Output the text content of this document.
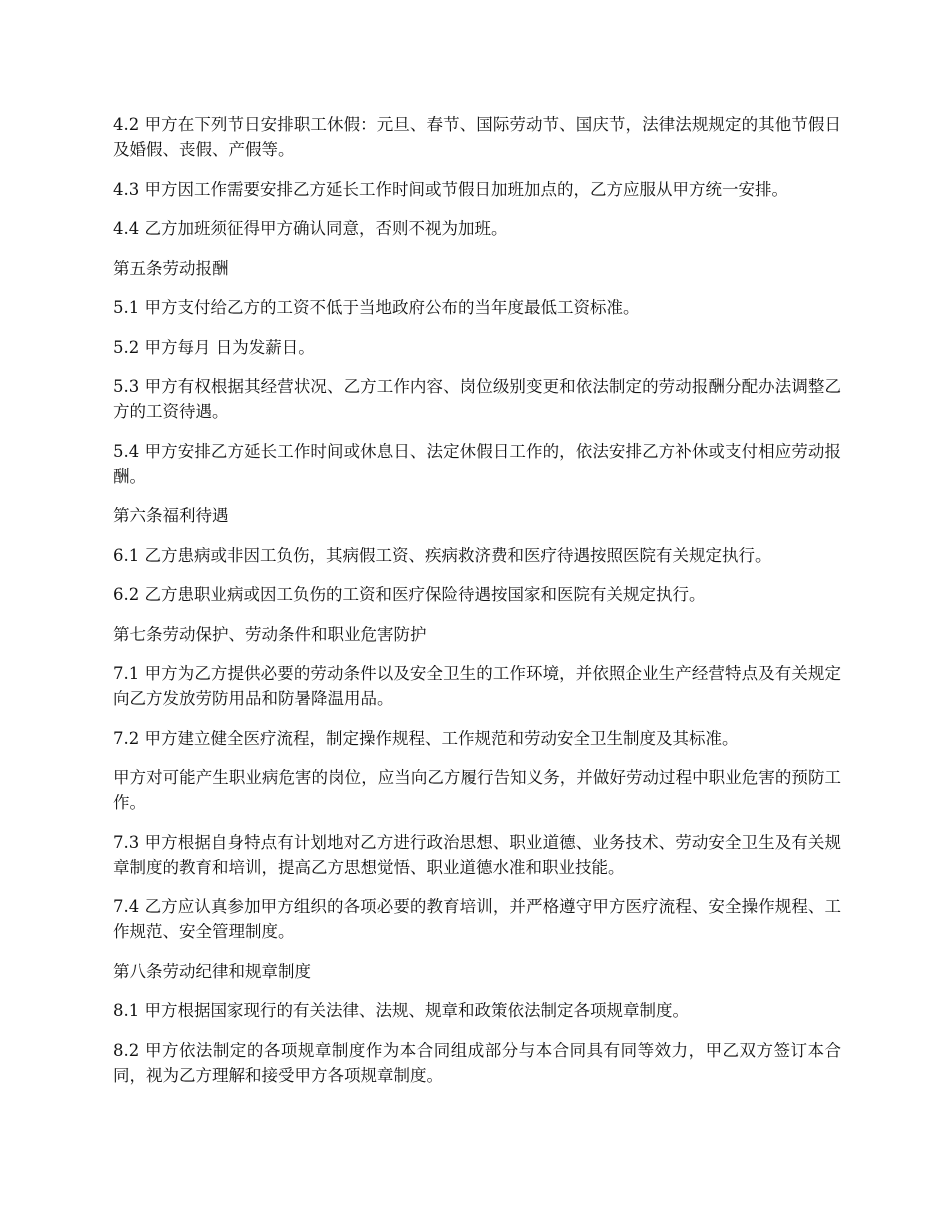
4.2 甲方在下列节日安排职工休假：元旦、春节、国际劳动节、国庆节，法律法规规定的其他节假日及婚假、丧假、产假等。

4.3 甲方因工作需要安排乙方延长工作时间或节假日加班加点的，乙方应服从甲方统一安排。

4.4 乙方加班须征得甲方确认同意，否则不视为加班。

第五条劳动报酬

5.1 甲方支付给乙方的工资不低于当地政府公布的当年度最低工资标准。

5.2 甲方每月 日为发薪日。

5.3 甲方有权根据其经营状况、乙方工作内容、岗位级别变更和依法制定的劳动报酬分配办法调整乙方的工资待遇。

5.4 甲方安排乙方延长工作时间或休息日、法定休假日工作的，依法安排乙方补休或支付相应劳动报酬。

第六条福利待遇

6.1 乙方患病或非因工负伤，其病假工资、疾病救济费和医疗待遇按照医院有关规定执行。

6.2 乙方患职业病或因工负伤的工资和医疗保险待遇按国家和医院有关规定执行。

第七条劳动保护、劳动条件和职业危害防护

7.1 甲方为乙方提供必要的劳动条件以及安全卫生的工作环境，并依照企业生产经营特点及有关规定向乙方发放劳防用品和防暑降温用品。

7.2 甲方建立健全医疗流程，制定操作规程、工作规范和劳动安全卫生制度及其标准。

甲方对可能产生职业病危害的岗位，应当向乙方履行告知义务，并做好劳动过程中职业危害的预防工作。

7.3 甲方根据自身特点有计划地对乙方进行政治思想、职业道德、业务技术、劳动安全卫生及有关规章制度的教育和培训，提高乙方思想觉悟、职业道德水准和职业技能。

7.4 乙方应认真参加甲方组织的各项必要的教育培训，并严格遵守甲方医疗流程、安全操作规程、工作规范、安全管理制度。

第八条劳动纪律和规章制度

8.1 甲方根据国家现行的有关法律、法规、规章和政策依法制定各项规章制度。

8.2 甲方依法制定的各项规章制度作为本合同组成部分与本合同具有同等效力，甲乙双方签订本合同，视为乙方理解和接受甲方各项规章制度。
